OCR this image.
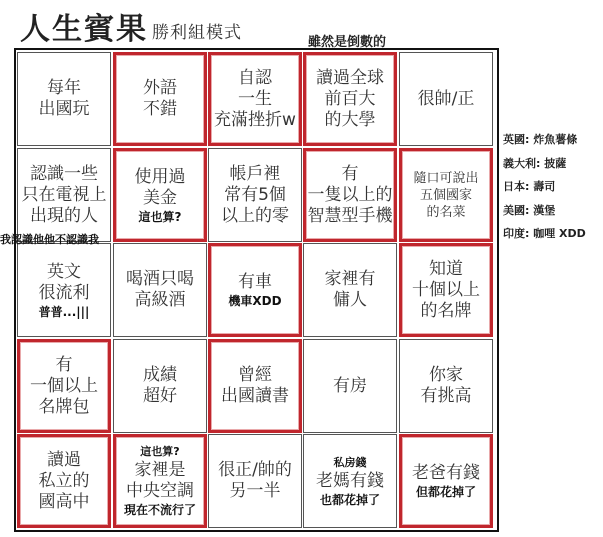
人生賓果 勝利組模式	雖然是倒數的
每年
出國玩
外語
不錯
自認
一生
充滿挫折w
讀過全球
前百大
的大學
很帥/正
認識一些
只在電視上
出現的人
使用過
美金
這也算?
帳戶裡
常有5個
以上的零
有
一隻以上的
智慧型手機
隨口可說出
五個國家
的名菜
英文
很流利
普普...|||
喝酒只喝
高級酒
有車
機車XDD
家裡有
傭人
知道
十個以上
的名牌
有
一個以上
名牌包
成績
超好
曾經
出國讀書
有房
你家
有挑高
讀過
私立的
國高中
這也算?
家裡是
中央空調
現在不流行了
很正/帥的
另一半
私房錢
老媽有錢
也都花掉了
老爸有錢
但都花掉了
我認識他他不認識我
英國: 炸魚薯條
義大利: 披薩
日本: 壽司
美國: 漢堡
印度: 咖哩 XDD
